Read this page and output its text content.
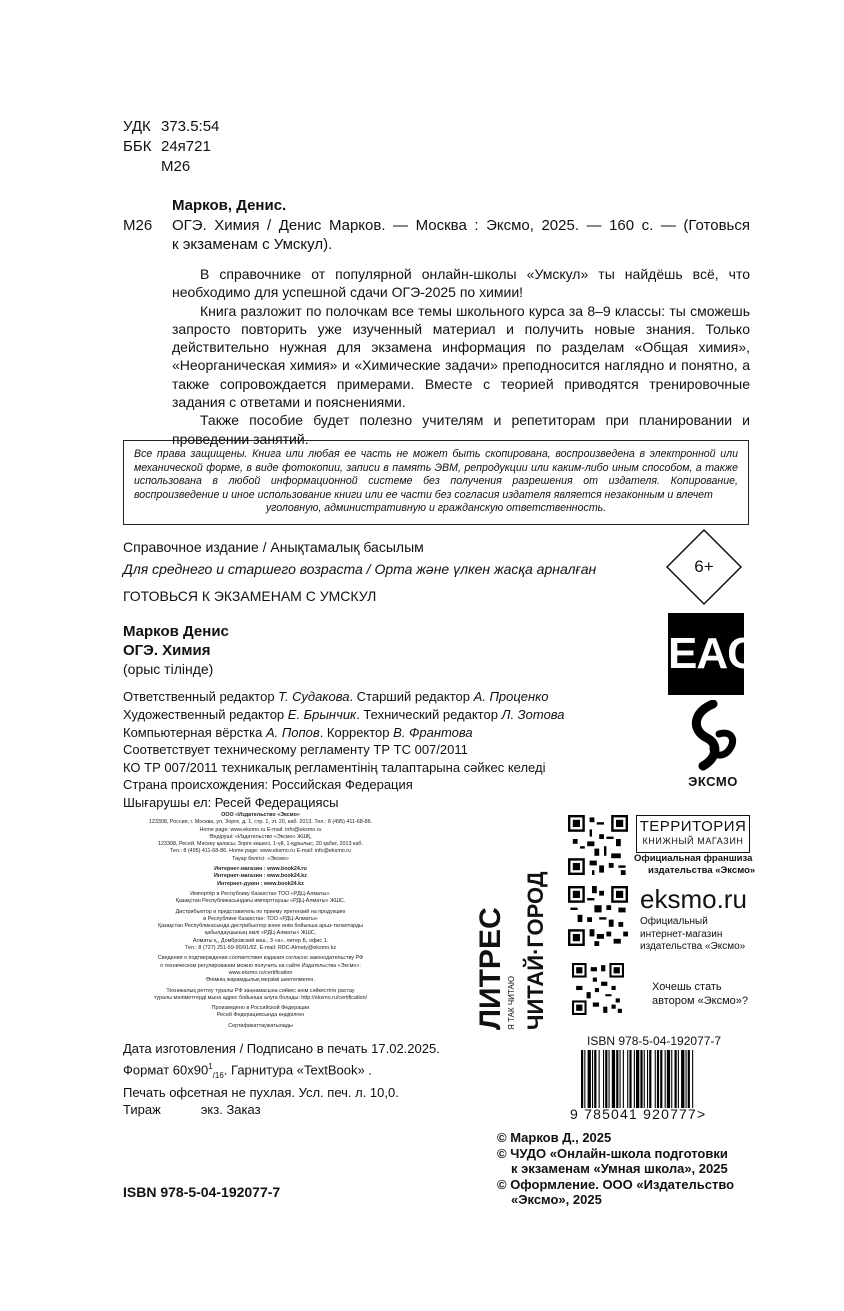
УДК 373.5:54
ББК 24я721
М26
Марков, Денис.
М26 ОГЭ. Химия / Денис Марков. — Москва : Эксмо, 2025. — 160 с. — (Готовься
к экзаменам с Умскул).
В справочнике от популярной онлайн-школы «Умскул» ты найдёшь всё, что необходимо для успешной сдачи ОГЭ-2025 по химии!
Книга разложит по полочкам все темы школьного курса за 8–9 классы: ты сможешь запросто повторить уже изученный материал и получить новые знания. Только действительно нужная для экзамена информация по разделам «Общая химия», «Неорганическая химия» и «Химические задачи» преподносится наглядно и понятно, а также сопровождается примерами. Вместе с теорией приводятся тренировочные задания с ответами и пояснениями.
Также пособие будет полезно учителям и репетиторам при планировании и проведении занятий.
Все права защищены. Книга или любая ее часть не может быть скопирована, воспроизведена в электронной или механической форме, в виде фотокопии, записи в память ЭВМ, репродукции или каким-либо иным способом, а также использована в любой информационной системе без получения разрешения от издателя. Копирование, воспроизведение и иное использование книги или ее части без согласия издателя является незаконным и влечет
уголовную, административную и гражданскую ответственность.
Справочное издание / Анықтамалық басылым
Для среднего и старшего возраста / Орта және үлкен жасқа арналған
ГОТОВЬСЯ К ЭКЗАМЕНАМ С УМСКУЛ
6+
Марков Денис
ОГЭ. Химия
(орыс тілінде)	EAC
Ответственный редактор Т. Судакова. Старший редактор А. Проценко
Художественный редактор Е. Брынчик. Технический редактор Л. Зотова
Компьютерная вёрстка А. Попов. Корректор В. Франтова
Соответствует техническому регламенту ТР ТС 007/2011
КО ТР 007/2011 техникалық регламентінің талаптарына сәйкес келеді
Страна происхождения: Российская Федерация
Шығарушы ел: Ресей Федерациясы
ЭКСМО

ООО «Издательство «Эксмо»

123308, Россия, г. Москва, ул. Зорге, д. 1, стр. 1, эт. 20, каб. 2013. Тел.: 8 (495) 411-68-86.

Home page: www.eksmo.ru E-mail: info@eksmo.ru

Өндіруші: «Издательство «Эксмо» ЖШҚ,

123308, Ресей, Мәскеу қаласы, Зорге көшесі, 1-үй, 1-құрылыс, 20 қабат, 2013 каб.

Тел.: 8 (495) 411-68-86. Home page: www.eksmo.ru E-mail: info@eksmo.ru

Тауар белгісі: «Эксмо»

Интернет-магазин : www.book24.ru

Интернет-магазин : www.book24.kz

Интернет-дүкен : www.book24.kz

Импортёр в Республику Казахстан ТОО «РДЦ-Алматы».

Қазақстан Республикасындағы импорттаушы «РДЦ-Алматы» ЖШС.

Дистрибьютор и представитель по приему претензий на продукцию

в Республике Казахстан: ТОО «РДЦ-Алматы»

Қазақстан Республикасында дистрибьютор және өнім бойынша арыз-талаптарды

қабылдаушының өкілі «РДЦ-Алматы» ЖШС,

Алматы қ., Домбровский көш., 3 «а», литер Б, офис 1.

Тел.: 8 (727) 251-59-90/91/92. E-mail: RDC-Almaty@eksmo.kz

Сведения о подтверждении соответствия издания согласно законодательству РФ

о техническом регулировании можно получить на сайте Издательства «Эксмо»:

www.eksmo.ru/certification

Өнімнің жарамдылық мерзімі шектелмеген.

Техникалық реттеу туралы РФ заңнамасына сәйкес өнім сәйкестігін растау

туралы мәліметтерді мына адрес бойынша алуға болады: http://eksmo.ru/certification/

Произведено в Российской Федерации

Ресей Федерациясында өндірілген

Сертификаттаужатылады

Дата изготовления / Подписано в печать 17.02.2025.
Формат $60х90^1_{/16}$. Гарнитура «TextBook» .
Печать офсетная не пухлая. Усл. печ. л. 10,0.
Тираж	экз. Заказ
ISBN 978-5-04-192077-7
ЛИТРЕС Я ТАК ЧИТАЮ ЧИТАЙ·ГОРОД
ТЕРРИТОРИЯ
КНИЖНЫЙ МАГАЗИН
Официальная франшиза
издательства «Эксмо»
eksmo.ru
Официальный
интернет-магазин
издательства «Эксмо»
Хочешь стать
автором «Эксмо»?
ISBN 978-5-04-192077-7
9 785041 920777>
© Марков Д., 2025
© ЧУДО «Онлайн-школа подготовки
к экзаменам «Умная школа», 2025
© Оформление. ООО «Издательство
«Эксмо», 2025
